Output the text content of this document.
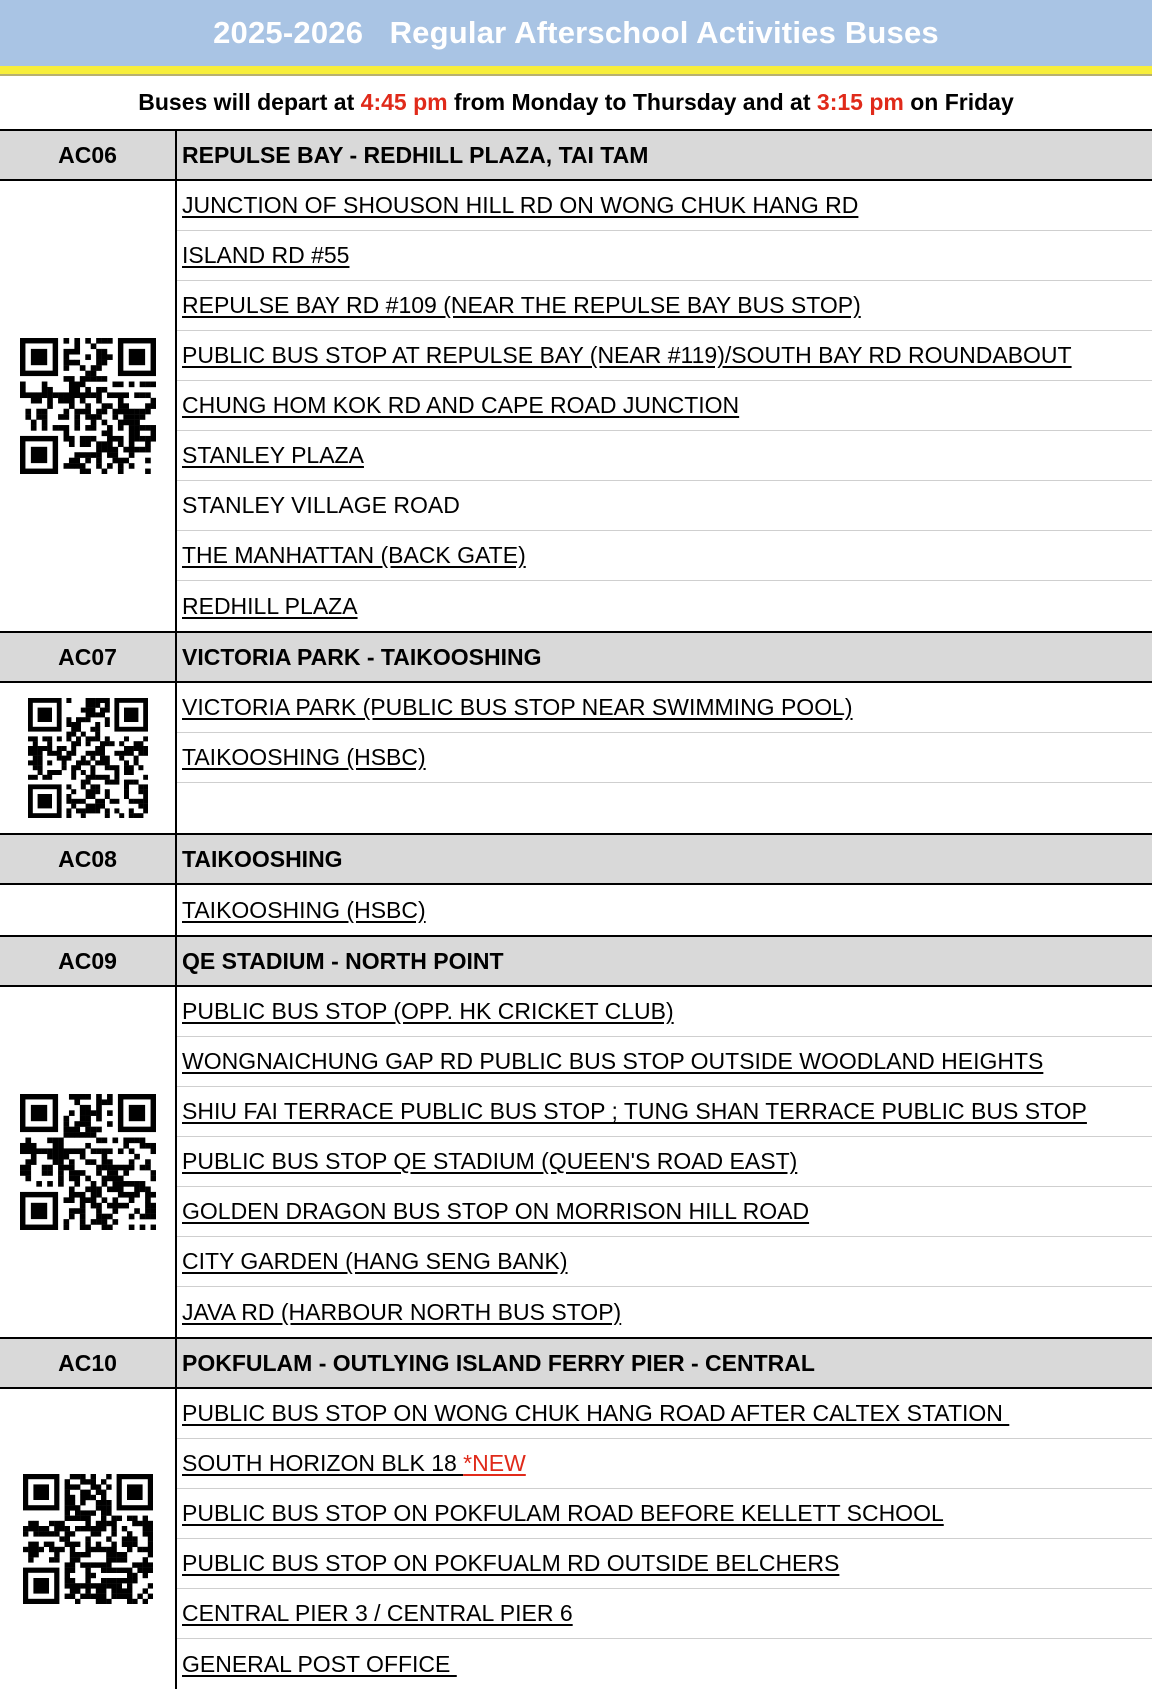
2025-2026   Regular Afterschool Activities Buses
Buses will depart at 4:45 pm from Monday to Thursday and at 3:15 pm on Friday
AC06	REPULSE BAY - REDHILL PLAZA, TAI TAM
JUNCTION OF SHOUSON HILL RD ON WONG CHUK HANG RD
ISLAND RD #55
REPULSE BAY RD #109 (NEAR THE REPULSE BAY BUS STOP)
PUBLIC BUS STOP AT REPULSE BAY (NEAR #119)/SOUTH BAY RD ROUNDABOUT
CHUNG HOM KOK RD AND CAPE ROAD JUNCTION
STANLEY PLAZA
STANLEY VILLAGE ROAD
THE MANHATTAN (BACK GATE)
REDHILL PLAZA
AC07	VICTORIA PARK - TAIKOOSHING
VICTORIA PARK (PUBLIC BUS STOP NEAR SWIMMING POOL)
TAIKOOSHING (HSBC)
AC08	TAIKOOSHING
TAIKOOSHING (HSBC)
AC09	QE STADIUM - NORTH POINT
PUBLIC BUS STOP (OPP. HK CRICKET CLUB)
WONGNAICHUNG GAP RD PUBLIC BUS STOP OUTSIDE WOODLAND HEIGHTS
SHIU FAI TERRACE PUBLIC BUS STOP ; TUNG SHAN TERRACE PUBLIC BUS STOP
PUBLIC BUS STOP QE STADIUM (QUEEN'S ROAD EAST)
GOLDEN DRAGON BUS STOP ON MORRISON HILL ROAD
CITY GARDEN (HANG SENG BANK)
JAVA RD (HARBOUR NORTH BUS STOP)
AC10	POKFULAM - OUTLYING ISLAND FERRY PIER - CENTRAL
PUBLIC BUS STOP ON WONG CHUK HANG ROAD AFTER CALTEX STATION
SOUTH HORIZON BLK 18 *NEW
PUBLIC BUS STOP ON POKFULAM ROAD BEFORE KELLETT SCHOOL
PUBLIC BUS STOP ON POKFUALM RD OUTSIDE BELCHERS
CENTRAL PIER 3 / CENTRAL PIER 6
GENERAL POST OFFICE
